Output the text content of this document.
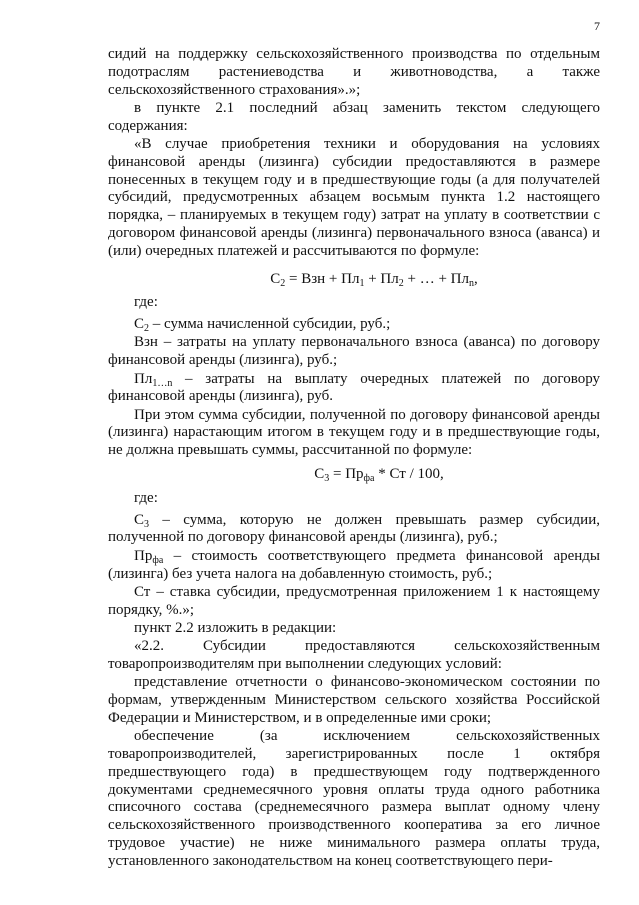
7

сидий на поддержку сельскохозяйственного производства по отдельным подотраслям растениеводства и животноводства, а также сельскохозяйственного страхования».»;

в пункте 2.1 последний абзац заменить текстом следующего содержания:

«В случае приобретения техники и оборудования на условиях финансовой аренды (лизинга) субсидии предоставляются в размере понесенных в текущем году и в предшествующие годы (а для получателей субсидий, предусмотренных абзацем восьмым пункта 1.2 настоящего порядка, – планируемых в текущем году) затрат на уплату в соответствии с договором финансовой аренды (лизинга) первоначального взноса (аванса) и (или) очередных платежей и рассчитываются по формуле:

$C_2$ = Взн + $Пл_1 + Пл_2$ + … + $Пл_n$,

где:

$C_2$ – сумма начисленной субсидии, руб.;

Взн – затраты на уплату первоначального взноса (аванса) по договору финансовой аренды (лизинга), руб.;

$Пл_{1\dots n}$ – затраты на выплату очередных платежей по договору финансовой аренды (лизинга), руб.

При этом сумма субсидии, полученной по договору финансовой аренды (лизинга) нарастающим итогом в текущем году и в предшествующие годы, не должна превышать суммы, рассчитанной по формуле:

$C_3 = Пр_{фа}$ * Ст / 100,

где:

$C_3$ – сумма, которую не должен превышать размер субсидии, полученной по договору финансовой аренды (лизинга), руб.;

$Пр_{фа}$ – стоимость соответствующего предмета финансовой аренды (лизинга) без учета налога на добавленную стоимость, руб.;

Ст – ставка субсидии, предусмотренная приложением 1 к настоящему порядку, %.»;

пункт 2.2 изложить в редакции:

«2.2. Субсидии предоставляются сельскохозяйственным товаропроизводителям при выполнении следующих условий:

представление отчетности о финансово-экономическом состоянии по формам, утвержденным Министерством сельского хозяйства Российской Федерации и Министерством, и в определенные ими сроки;

обеспечение (за исключением сельскохозяйственных товаропроизводителей, зарегистрированных после 1 октября предшествующего года) в предшествующем году подтвержденного документами среднемесячного уровня оплаты труда одного работника списочного состава (среднемесячного размера выплат одному члену сельскохозяйственного производственного кооператива за его личное трудовое участие) не ниже минимального размера оплаты труда, установленного законодательством на конец соответствующего пери-
